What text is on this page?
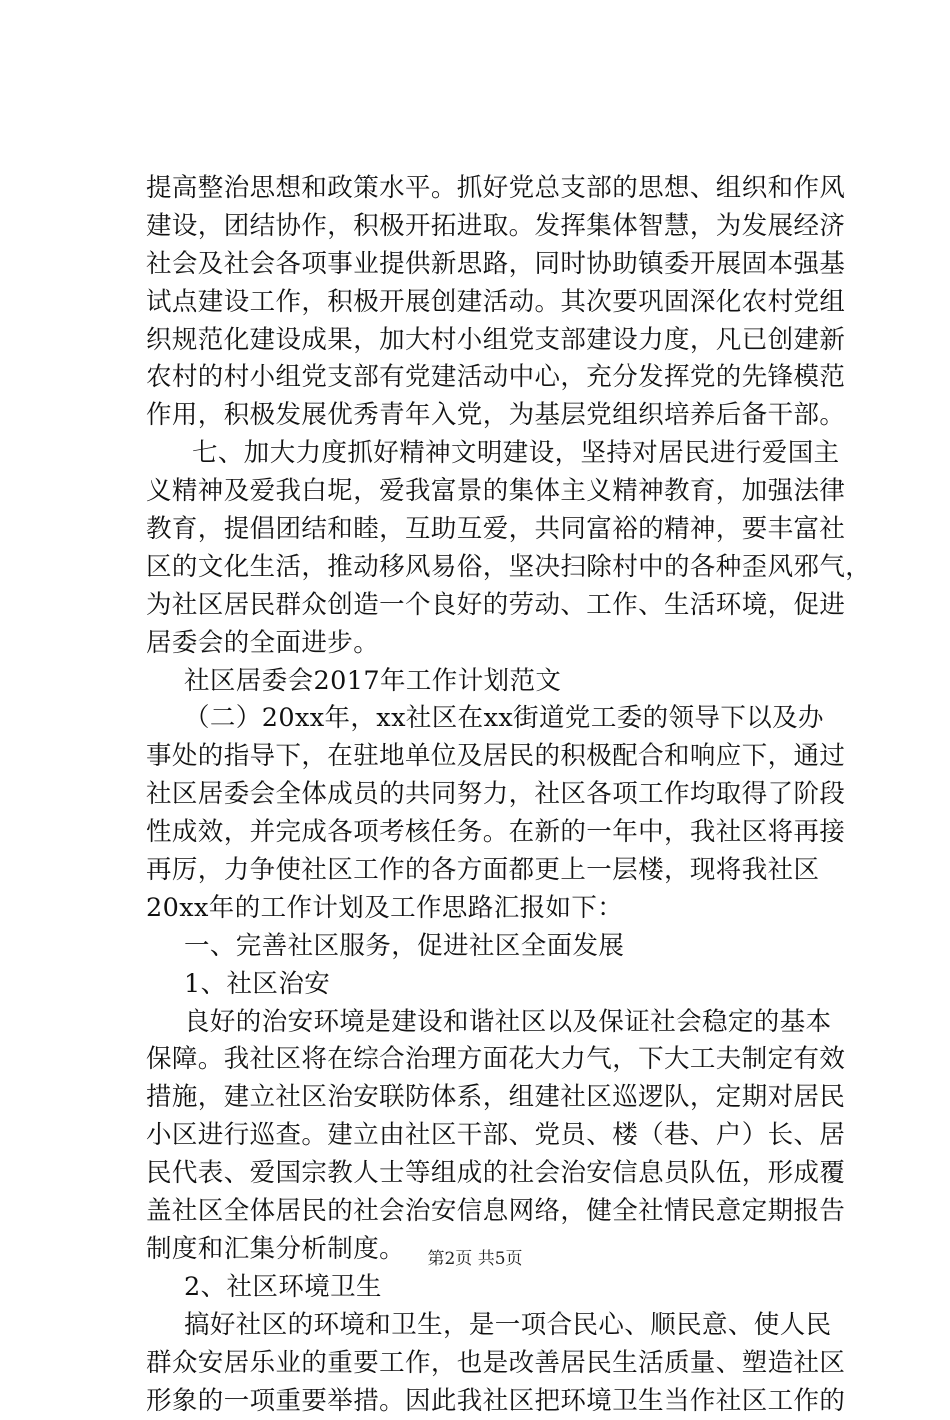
提高整治思想和政策水平。抓好党总支部的思想、组织和作风
建设，团结协作，积极开拓进取。发挥集体智慧，为发展经济
社会及社会各项事业提供新思路，同时协助镇委开展固本强基
试点建设工作，积极开展创建活动。其次要巩固深化农村党组
织规范化建设成果，加大村小组党支部建设力度，凡已创建新
农村的村小组党支部有党建活动中心，充分发挥党的先锋模范
作用，积极发展优秀青年入党，为基层党组织培养后备干部。
七、加大力度抓好精神文明建设，坚持对居民进行爱国主
义精神及爱我白坭，爱我富景的集体主义精神教育，加强法律
教育，提倡团结和睦，互助互爱，共同富裕的精神，要丰富社
区的文化生活，推动移风易俗，坚决扫除村中的各种歪风邪气，
为社区居民群众创造一个良好的劳动、工作、生活环境，促进
居委会的全面进步。
社区居委会2017年工作计划范文
（二）20xx年，xx社区在xx街道党工委的领导下以及办
事处的指导下，在驻地单位及居民的积极配合和响应下，通过
社区居委会全体成员的共同努力，社区各项工作均取得了阶段
性成效，并完成各项考核任务。在新的一年中，我社区将再接
再厉，力争使社区工作的各方面都更上一层楼，现将我社区
20xx年的工作计划及工作思路汇报如下：
一、完善社区服务，促进社区全面发展
1、社区治安
良好的治安环境是建设和谐社区以及保证社会稳定的基本
保障。我社区将在综合治理方面花大力气，下大工夫制定有效
措施，建立社区治安联防体系，组建社区巡逻队，定期对居民
小区进行巡查。建立由社区干部、党员、楼（巷、户）长、居
民代表、爱国宗教人士等组成的社会治安信息员队伍，形成覆
盖社区全体居民的社会治安信息网络，健全社情民意定期报告
制度和汇集分析制度。
2、社区环境卫生
搞好社区的环境和卫生，是一项合民心、顺民意、使人民
群众安居乐业的重要工作，也是改善居民生活质量、塑造社区
形象的一项重要举措。因此我社区把环境卫生当作社区工作的
第2页 共5页
